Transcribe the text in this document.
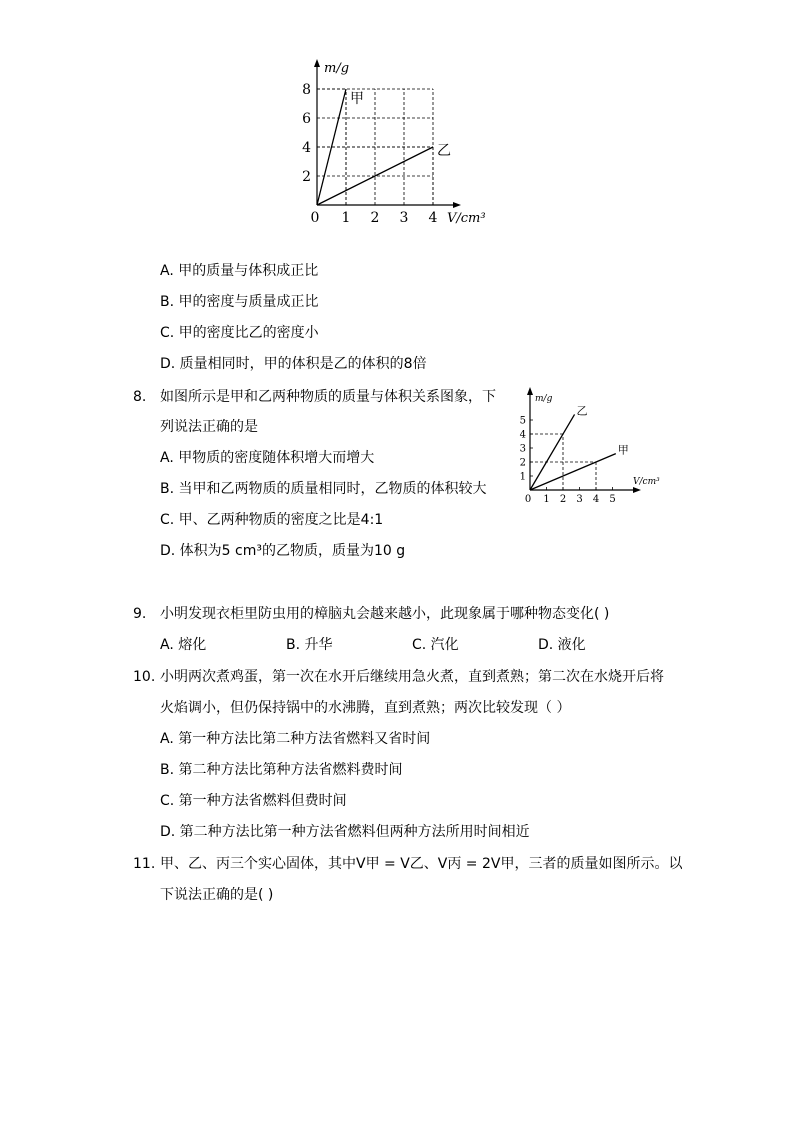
甲
乙
0 1 2 3 4
2
4
6
8
m/g
V/cm³
A. 甲的质量与体积成正比
B. 甲的密度与质量成正比
C. 甲的密度比乙的密度小
D. 质量相同时，甲的体积是乙的体积的8倍
8. 如图所示是甲和乙两种物质的质量与体积关系图象，下
列说法正确的是
A. 甲物质的密度随体积增大而增大
B. 当甲和乙两物质的质量相同时，乙物质的体积较大
C. 甲、乙两种物质的密度之比是4:1
D. 体积为5 cm³的乙物质，质量为10 g
乙
甲
0 1 2 3 4 5
1
2
3
4
5
m/g
V/cm³
9. 小明发现衣柜里防虫用的樟脑丸会越来越小，此现象属于哪种物态变化( )
A. 熔化	B. 升华	C. 汽化	D. 液化
10. 小明两次煮鸡蛋，第一次在水开后继续用急火煮，直到煮熟；第二次在水烧开后将
火焰调小，但仍保持锅中的水沸腾，直到煮熟；两次比较发现（ ）
A. 第一种方法比第二种方法省燃料又省时间
B. 第二种方法比第种方法省燃料费时间
C. 第一种方法省燃料但费时间
D. 第二种方法比第一种方法省燃料但两种方法所用时间相近
11. 甲、乙、丙三个实心固体，其中V甲 = V乙、V丙 = 2V甲，三者的质量如图所示。以
下说法正确的是( )
